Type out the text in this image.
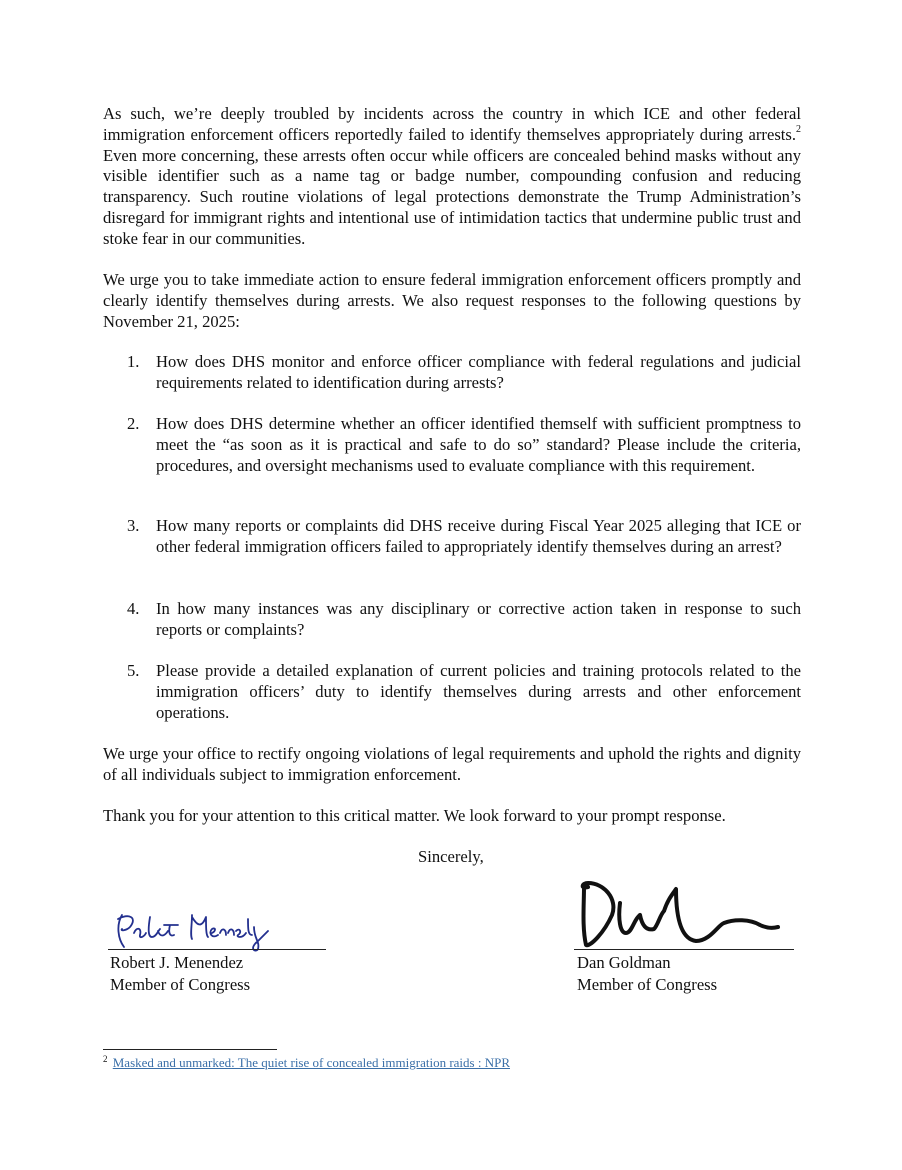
As such, we’re deeply troubled by incidents across the country in which ICE and other federal immigration enforcement officers reportedly failed to identify themselves appropriately during arrests.$^2$ Even more concerning, these arrests often occur while officers are concealed behind masks without any visible identifier such as a name tag or badge number, compounding confusion and reducing transparency. Such routine violations of legal protections demonstrate the Trump Administration’s disregard for immigrant rights and intentional use of intimidation tactics that undermine public trust and stoke fear in our communities.

We urge you to take immediate action to ensure federal immigration enforcement officers promptly and clearly identify themselves during arrests. We also request responses to the following questions by November 21, 2025:

1. How does DHS monitor and enforce officer compliance with federal regulations and judicial requirements related to identification during arrests?

2. How does DHS determine whether an officer identified themself with sufficient promptness to meet the “as soon as it is practical and safe to do so” standard? Please include the criteria, procedures, and oversight mechanisms used to evaluate compliance with this requirement.

3. How many reports or complaints did DHS receive during Fiscal Year 2025 alleging that ICE or other federal immigration officers failed to appropriately identify themselves during an arrest?

4. In how many instances was any disciplinary or corrective action taken in response to such reports or complaints?

5. Please provide a detailed explanation of current policies and training protocols related to the immigration officers’ duty to identify themselves during arrests and other enforcement operations.

We urge your office to rectify ongoing violations of legal requirements and uphold the rights and dignity of all individuals subject to immigration enforcement.

Thank you for your attention to this critical matter. We look forward to your prompt response.

Sincerely,
Robert J. Menendez
Member of Congress
Dan Goldman
Member of Congress
$^2$ Masked and unmarked: The quiet rise of concealed immigration raids : NPR
